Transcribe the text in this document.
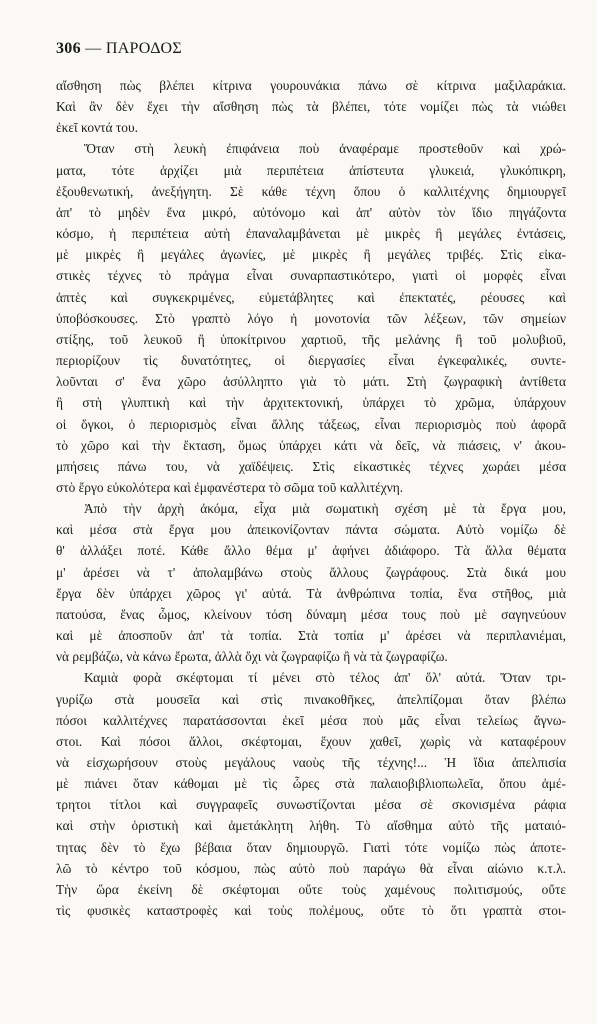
306 — ΠΑΡΟΔΟΣ
αἴσθηση πὼς βλέπει κίτρινα γουρουνάκια πάνω σὲ κίτρινα μαξιλαράκια.
Καὶ ἂν δὲν ἔχει τὴν αἴσθηση πὼς τὰ βλέπει, τότε νομίζει πὼς τὰ νιώθει
ἐκεῖ κοντά του.
Ὅταν στὴ λευκὴ ἐπιφάνεια ποὺ ἀναφέραμε προστεθοῦν καὶ χρώ-
ματα, τότε ἀρχίζει μιὰ περιπέτεια ἀπίστευτα γλυκειά, γλυκόπικρη,
ἐξουθενωτική, ἀνεξήγητη. Σὲ κάθε τέχνη ὅπου ὁ καλλιτέχνης δημιουργεῖ
ἀπ' τὸ μηδὲν ἕνα μικρό, αὐτόνομο καὶ ἀπ' αὐτὸν τὸν ἴδιο πηγάζοντα
κόσμο, ἡ περιπέτεια αὐτὴ ἐπαναλαμβάνεται μὲ μικρὲς ἢ μεγάλες ἐντάσεις,
μὲ μικρὲς ἢ μεγάλες ἀγωνίες, μὲ μικρὲς ἢ μεγάλες τριβές. Στὶς εἰκα-
στικὲς τέχνες τὸ πράγμα εἶναι συναρπαστικότερο, γιατὶ οἱ μορφὲς εἶναι
ἁπτὲς καὶ συγκεκριμένες, εὐμετάβλητες καὶ ἐπεκτατές, ρέουσες καὶ
ὑποβόσκουσες. Στὸ γραπτὸ λόγο ἡ μονοτονία τῶν λέξεων, τῶν σημείων
στίξης, τοῦ λευκοῦ ἢ ὑποκίτρινου χαρτιοῦ, τῆς μελάνης ἢ τοῦ μολυβιοῦ,
περιορίζουν τὶς δυνατότητες, οἱ διεργασίες εἶναι ἐγκεφαλικές, συντε-
λοῦνται σ' ἕνα χῶρο ἀσύλληπτο γιὰ τὸ μάτι. Στὴ ζωγραφικὴ ἀντίθετα
ἢ στὴ γλυπτικὴ καὶ τὴν ἀρχιτεκτονική, ὑπάρχει τὸ χρῶμα, ὑπάρχουν
οἱ ὄγκοι, ὁ περιορισμὸς εἶναι ἄλλης τάξεως, εἶναι περιορισμὸς ποὺ ἀφορᾶ
τὸ χῶρο καὶ τὴν ἔκταση, ὅμως ὑπάρχει κάτι νὰ δεῖς, νὰ πιάσεις, ν' ἀκου-
μπήσεις πάνω του, νὰ χαϊδέψεις. Στὶς εἰκαστικὲς τέχνες χωράει μέσα
στὸ ἔργο εὐκολότερα καὶ ἐμφανέστερα τὸ σῶμα τοῦ καλλιτέχνη.
Ἀπὸ τὴν ἀρχὴ ἀκόμα, εἶχα μιὰ σωματικὴ σχέση μὲ τὰ ἔργα μου,
καὶ μέσα στὰ ἔργα μου ἀπεικονίζονταν πάντα σώματα. Αὐτὸ νομίζω δὲ
θ' ἀλλάξει ποτέ. Κάθε ἄλλο θέμα μ' ἀφήνει ἀδιάφορο. Τὰ ἄλλα θέματα
μ' ἀρέσει νὰ τ' ἀπολαμβάνω στοὺς ἄλλους ζωγράφους. Στὰ δικά μου
ἔργα δὲν ὑπάρχει χῶρος γι' αὐτά. Τὰ ἀνθρώπινα τοπία, ἕνα στῆθος, μιὰ
πατούσα, ἕνας ὦμος, κλείνουν τόση δύναμη μέσα τους ποὺ μὲ σαγηνεύουν
καὶ μὲ ἀποσποῦν ἀπ' τὰ τοπία. Στὰ τοπία μ' ἀρέσει νὰ περιπλανιέμαι,
νὰ ρεμβάζω, νὰ κάνω ἔρωτα, ἀλλὰ ὄχι νὰ ζωγραφίζω ἢ νὰ τὰ ζωγραφίζω.
Καμιὰ φορὰ σκέφτομαι τί μένει στὸ τέλος ἀπ' ὅλ' αὐτά. Ὅταν τρι-
γυρίζω στὰ μουσεῖα καὶ στὶς πινακοθῆκες, ἀπελπίζομαι ὅταν βλέπω
πόσοι καλλιτέχνες παρατάσσονται ἐκεῖ μέσα ποὺ μᾶς εἶναι τελείως ἄγνω-
στοι. Καὶ πόσοι ἄλλοι, σκέφτομαι, ἔχουν χαθεῖ, χωρὶς νὰ καταφέρουν
νὰ εἰσχωρήσουν στοὺς μεγάλους ναοὺς τῆς τέχνης!... Ἡ ἴδια ἀπελπισία
μὲ πιάνει ὅταν κάθομαι μὲ τὶς ὧρες στὰ παλαιοβιβλιοπωλεῖα, ὅπου ἀμέ-
τρητοι τίτλοι καὶ συγγραφεῖς συνωστίζονται μέσα σὲ σκονισμένα ράφια
καὶ στὴν ὁριστικὴ καὶ ἀμετάκλητη λήθη. Τὸ αἴσθημα αὐτὸ τῆς ματαιό-
τητας δὲν τὸ ἔχω βέβαια ὅταν δημιουργῶ. Γιατὶ τότε νομίζω πὼς ἀποτε-
λῶ τὸ κέντρο τοῦ κόσμου, πὼς αὐτὸ ποὺ παράγω θὰ εἶναι αἰώνιο κ.τ.λ.
Τὴν ὥρα ἐκείνη δὲ σκέφτομαι οὔτε τοὺς χαμένους πολιτισμούς, οὔτε
τὶς φυσικὲς καταστροφὲς καὶ τοὺς πολέμους, οὔτε τὸ ὅτι γραπτὰ στοι-
